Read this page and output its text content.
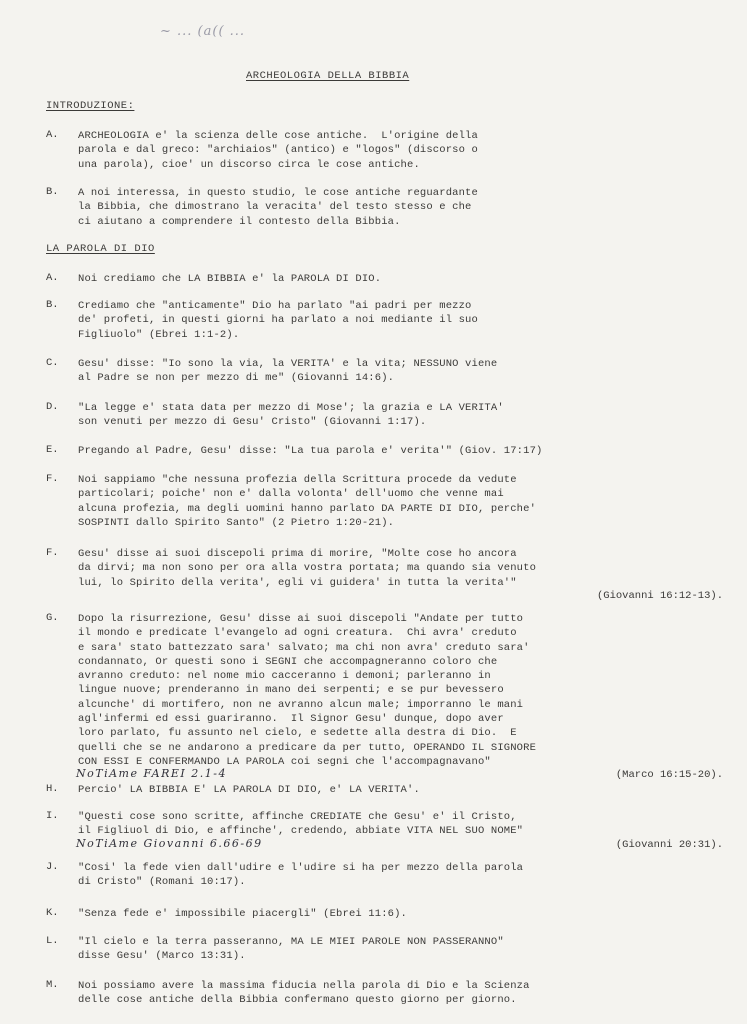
~ ... (a(( ...
ARCHEOLOGIA DELLA BIBBIA
INTRODUZIONE:
A. ARCHEOLOGIA e' la scienza delle cose antiche.  L'origine della
parola e dal greco: "archiaios" (antico) e "logos" (discorso o
una parola), cioe' un discorso circa le cose antiche.
B. A noi interessa, in questo studio, le cose antiche reguardante
la Bibbia, che dimostrano la veracita' del testo stesso e che
ci aiutano a comprendere il contesto della Bibbia.
LA PAROLA DI DIO
A. Noi crediamo che LA BIBBIA e' la PAROLA DI DIO.
B. Crediamo che "anticamente" Dio ha parlato "ai padri per mezzo
de' profeti, in questi giorni ha parlato a noi mediante il suo
Figliuolo" (Ebrei 1:1-2).
C. Gesu' disse: "Io sono la via, la VERITA' e la vita; NESSUNO viene
al Padre se non per mezzo di me" (Giovanni 14:6).
D. "La legge e' stata data per mezzo di Mose'; la grazia e LA VERITA'
son venuti per mezzo di Gesu' Cristo" (Giovanni 1:17).
E. Pregando al Padre, Gesu' disse: "La tua parola e' verita'" (Giov. 17:17)
F. Noi sappiamo "che nessuna profezia della Scrittura procede da vedute
particolari; poiche' non e' dalla volonta' dell'uomo che venne mai
alcuna profezia, ma degli uomini hanno parlato DA PARTE DI DIO, perche'
SOSPINTI dallo Spirito Santo" (2 Pietro 1:20-21).
F. Gesu' disse ai suoi discepoli prima di morire, "Molte cose ho ancora
da dirvi; ma non sono per ora alla vostra portata; ma quando sia venuto
lui, lo Spirito della verita', egli vi guidera' in tutta la verita'"
(Giovanni 16:12-13).
G. Dopo la risurrezione, Gesu' disse ai suoi discepoli "Andate per tutto
il mondo e predicate l'evangelo ad ogni creatura.  Chi avra' creduto
e sara' stato battezzato sara' salvato; ma chi non avra' creduto sara'
condannato, Or questi sono i SEGNI che accompagneranno coloro che
avranno creduto: nel nome mio cacceranno i demoni; parleranno in
lingue nuove; prenderanno in mano dei serpenti; e se pur bevessero
alcunche' di mortifero, non ne avranno alcun male; imporranno le mani
agl'infermi ed essi guariranno.  Il Signor Gesu' dunque, dopo aver
loro parlato, fu assunto nel cielo, e sedette alla destra di Dio.  E
quelli che se ne andarono a predicare da per tutto, OPERANDO IL SIGNORE
CON ESSI E CONFERMANDO LA PAROLA coi segni che l'accompagnavano"
NoTiAme FAREI 2.1-4	(Marco 16:15-20).
H. Percio' LA BIBBIA E' LA PAROLA DI DIO, e' LA VERITA'.
I. "Questi cose sono scritte, affinche CREDIATE che Gesu' e' il Cristo,
il Figliuol di Dio, e affinche', credendo, abbiate VITA NEL SUO NOME"
NoTiAme Giovanni 6.66-69	(Giovanni 20:31).
J. "Cosi' la fede vien dall'udire e l'udire si ha per mezzo della parola
di Cristo" (Romani 10:17).
K. "Senza fede e' impossibile piacergli" (Ebrei 11:6).
L. "Il cielo e la terra passeranno, MA LE MIEI PAROLE NON PASSERANNO"
disse Gesu' (Marco 13:31).
M. Noi possiamo avere la massima fiducia nella parola di Dio e la Scienza
delle cose antiche della Bibbia confermano questo giorno per giorno.
